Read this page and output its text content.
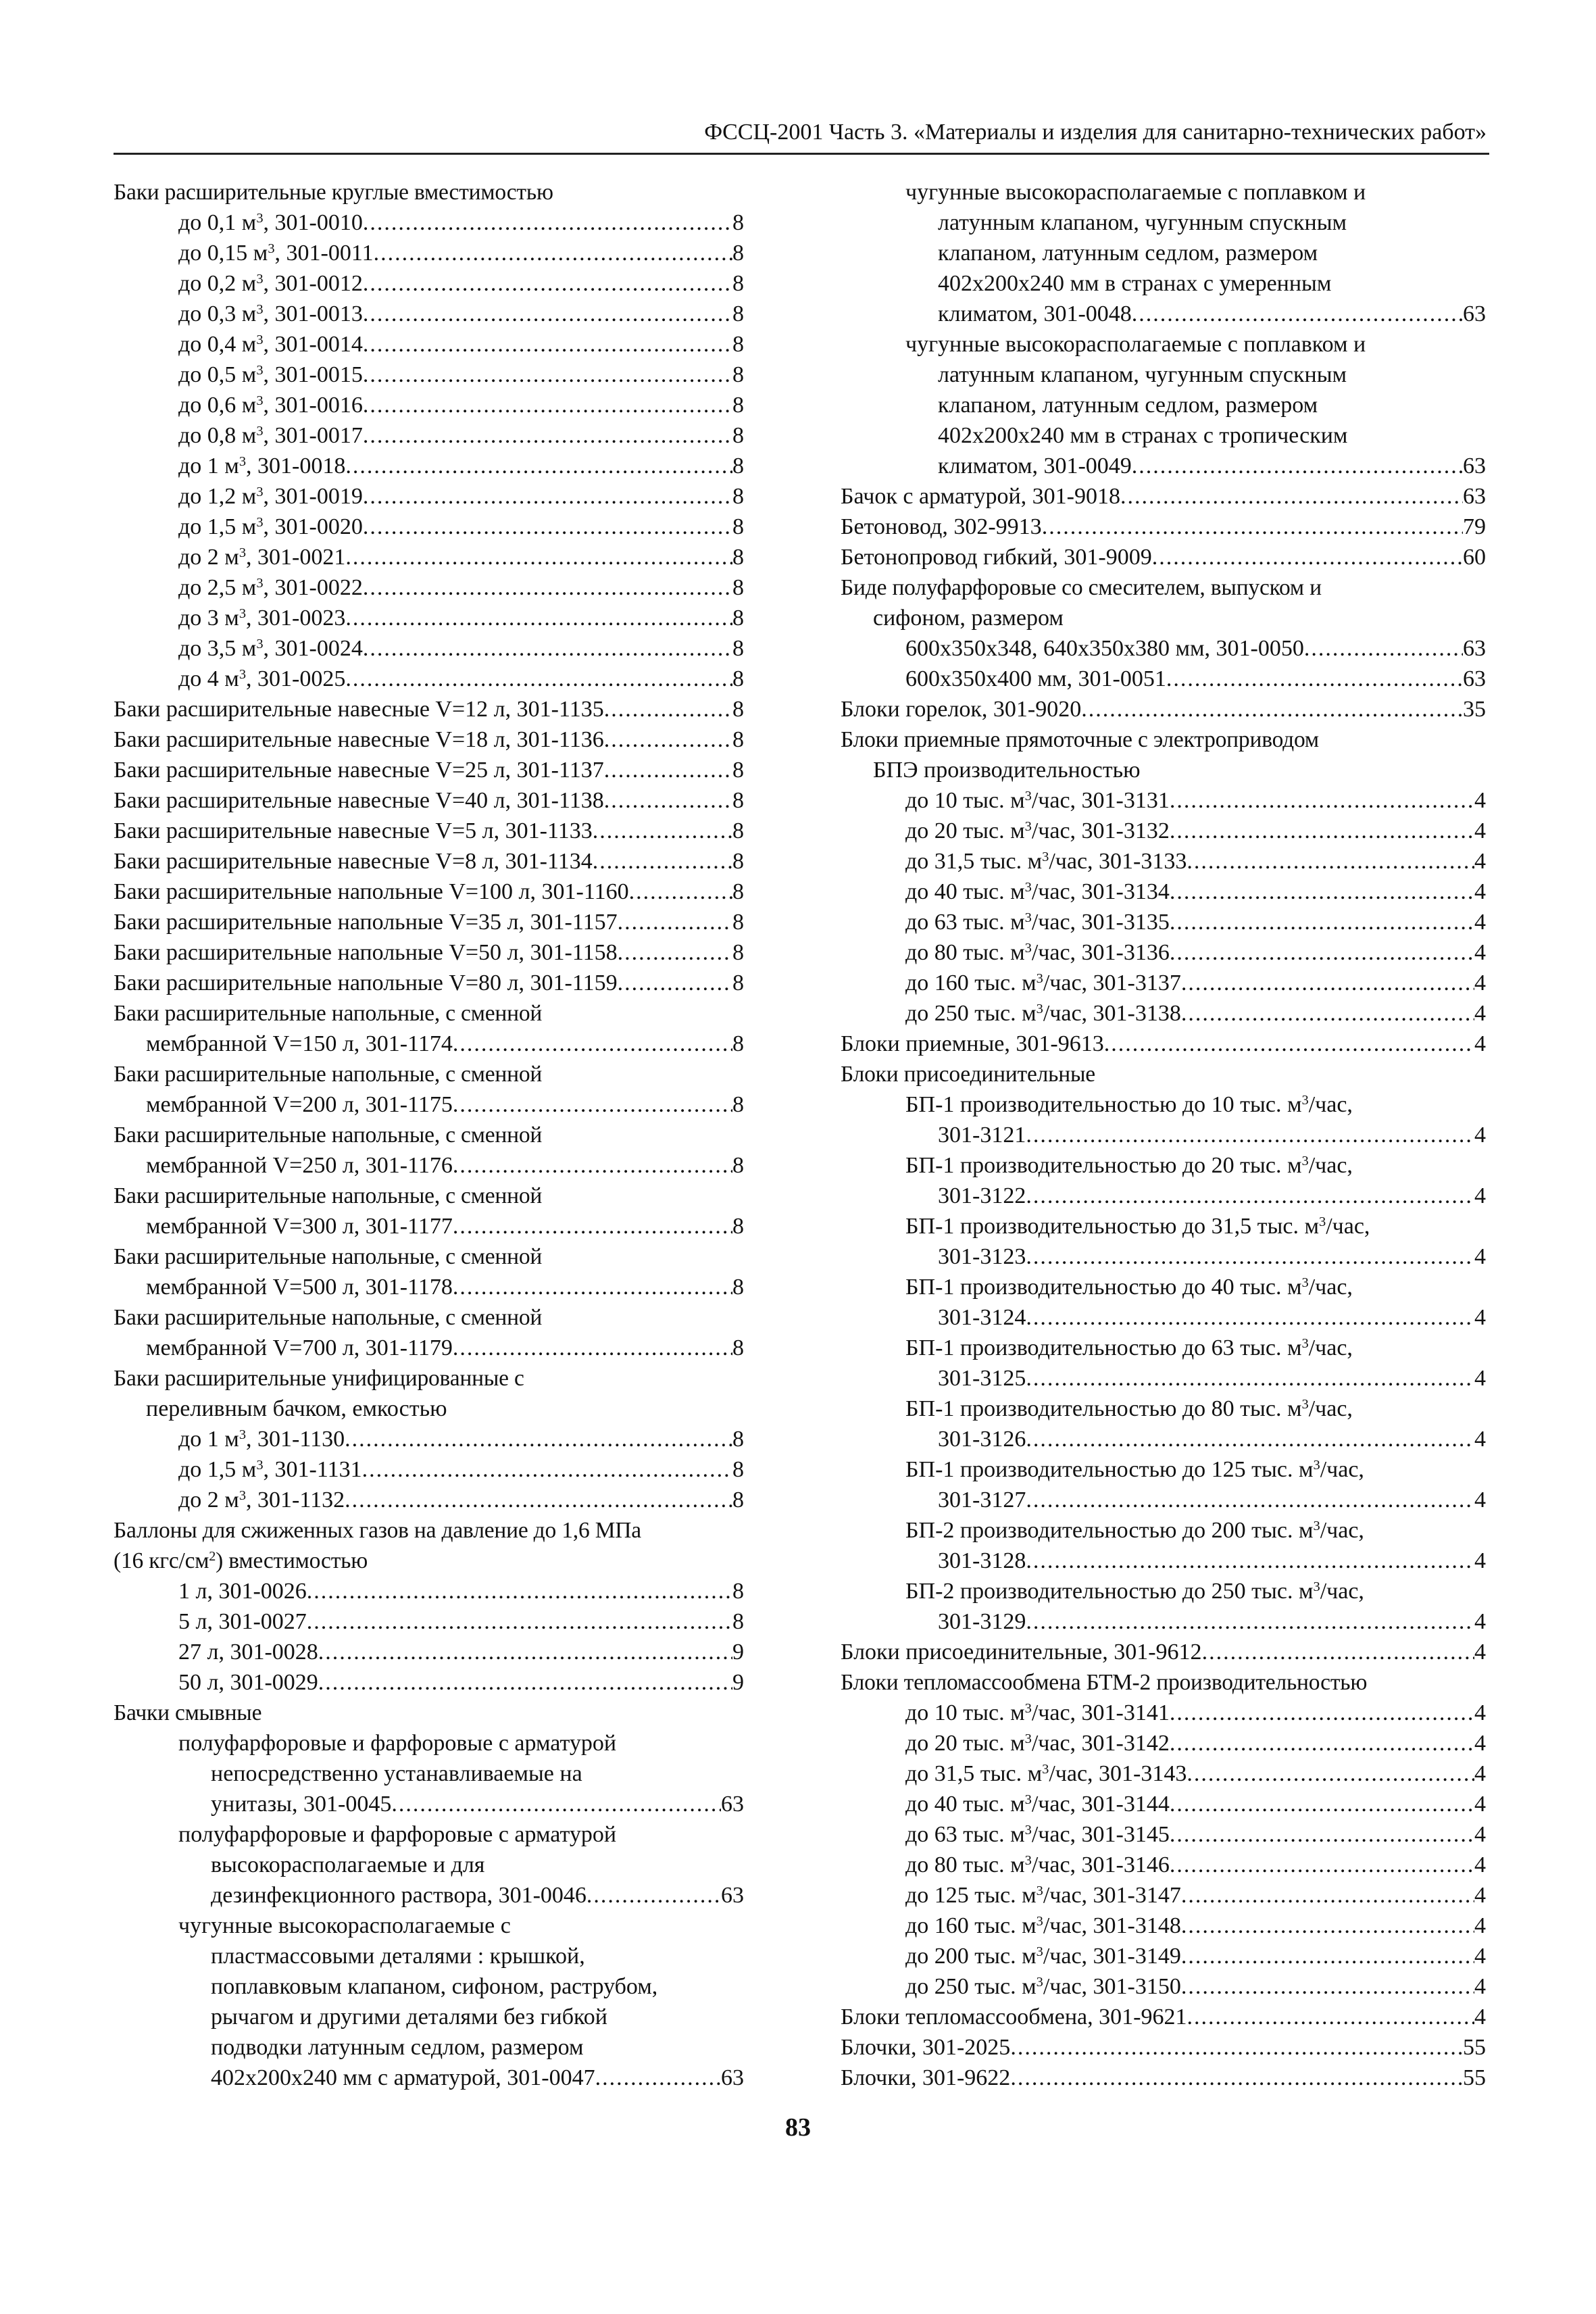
ФССЦ-2001 Часть 3. «Материалы и изделия для санитарно-технических работ»
Баки расширительные круглые вместимостью
до 0,1 $м^3$, 301-0010 .....	8
до 0,15 $м^3$, 301-0011 .....	8
до 0,2 $м^3$, 301-0012 .....	8
до 0,3 $м^3$, 301-0013 .....	8
до 0,4 $м^3$, 301-0014 .....	8
до 0,5 $м^3$, 301-0015 .....	8
до 0,6 $м^3$, 301-0016 .....	8
до 0,8 $м^3$, 301-0017 .....	8
до 1 $м^3$, 301-0018 .....	8
до 1,2 $м^3$, 301-0019 .....	8
до 1,5 $м^3$, 301-0020 .....	8
до 2 $м^3$, 301-0021 .....	8
до 2,5 $м^3$, 301-0022 .....	8
до 3 $м^3$, 301-0023 .....	8
до 3,5 $м^3$, 301-0024 .....	8
до 4 $м^3$, 301-0025 .....	8
Баки расширительные навесные V=12 л, 301-1135 .....	8
Баки расширительные навесные V=18 л, 301-1136 .....	8
Баки расширительные навесные V=25 л, 301-1137 .....	8
Баки расширительные навесные V=40 л, 301-1138 .....	8
Баки расширительные навесные V=5 л, 301-1133 .....	8
Баки расширительные навесные V=8 л, 301-1134 .....	8
Баки расширительные напольные V=100 л, 301-1160 .....	8
Баки расширительные напольные V=35 л, 301-1157 .....	8
Баки расширительные напольные V=50 л, 301-1158 .....	8
Баки расширительные напольные V=80 л, 301-1159 .....	8
Баки расширительные напольные, с сменной
мембранной V=150 л, 301-1174 .....	8
Баки расширительные напольные, с сменной
мембранной V=200 л, 301-1175 .....	8
Баки расширительные напольные, с сменной
мембранной V=250 л, 301-1176 .....	8
Баки расширительные напольные, с сменной
мембранной V=300 л, 301-1177 .....	8
Баки расширительные напольные, с сменной
мембранной V=500 л, 301-1178 .....	8
Баки расширительные напольные, с сменной
мембранной V=700 л, 301-1179 .....	8
Баки расширительные унифицированные с
переливным бачком, емкостью
до 1 $м^3$, 301-1130 .....	8
до 1,5 $м^3$, 301-1131 .....	8
до 2 $м^3$, 301-1132 .....	8
Баллоны для сжиженных газов на давление до 1,6 МПа
(16 кгс/$см^2$) вместимостью
1 л, 301-0026 .....	8
5 л, 301-0027 .....	8
27 л, 301-0028 .....	9
50 л, 301-0029 .....	9
Бачки смывные
полуфарфоровые и фарфоровые с арматурой
непосредственно устанавливаемые на
унитазы, 301-0045 .....	63
полуфарфоровые и фарфоровые с арматурой
высокорасполагаемые и для
дезинфекционного раствора, 301-0046 .....	63
чугунные высокорасполагаемые с
пластмассовыми деталями : крышкой,
поплавковым клапаном, сифоном, раструбом,
рычагом и другими деталями без гибкой
подводки латунным седлом, размером
402х200х240 мм с арматурой, 301-0047 .....	63
чугунные высокорасполагаемые с поплавком и
латунным клапаном, чугунным спускным
клапаном, латунным седлом, размером
402х200х240 мм в странах с умеренным
климатом, 301-0048 .....	63
чугунные высокорасполагаемые с поплавком и
латунным клапаном, чугунным спускным
клапаном, латунным седлом, размером
402х200х240 мм в странах с тропическим
климатом, 301-0049 .....	63
Бачок с арматурой, 301-9018 .....	63
Бетоновод, 302-9913 .....	79
Бетонопровод гибкий, 301-9009 .....	60
Биде полуфарфоровые со смесителем, выпуском и
сифоном, размером
600х350х348, 640х350х380 мм, 301-0050 .....	63
600х350х400 мм, 301-0051 .....	63
Блоки горелок, 301-9020 .....	35
Блоки приемные прямоточные с электроприводом
БПЭ производительностью
до 10 тыс. $м^3$/час, 301-3131 .....	4
до 20 тыс. $м^3$/час, 301-3132 .....	4
до 31,5 тыс. $м^3$/час, 301-3133 .....	4
до 40 тыс. $м^3$/час, 301-3134 .....	4
до 63 тыс. $м^3$/час, 301-3135 .....	4
до 80 тыс. $м^3$/час, 301-3136 .....	4
до 160 тыс. $м^3$/час, 301-3137 .....	4
до 250 тыс. $м^3$/час, 301-3138 .....	4
Блоки приемные, 301-9613 .....	4
Блоки присоединительные
БП-1 производительностью до 10 тыс. $м^3$/час,
301-3121 .....	4
БП-1 производительностью до 20 тыс. $м^3$/час,
301-3122 .....	4
БП-1 производительностью до 31,5 тыс. $м^3$/час,
301-3123 .....	4
БП-1 производительностью до 40 тыс. $м^3$/час,
301-3124 .....	4
БП-1 производительностью до 63 тыс. $м^3$/час,
301-3125 .....	4
БП-1 производительностью до 80 тыс. $м^3$/час,
301-3126 .....	4
БП-1 производительностью до 125 тыс. $м^3$/час,
301-3127 .....	4
БП-2 производительностью до 200 тыс. $м^3$/час,
301-3128 .....	4
БП-2 производительностью до 250 тыс. $м^3$/час,
301-3129 .....	4
Блоки присоединительные, 301-9612 .....	4
Блоки тепломассообмена БТМ-2 производительностью
до 10 тыс. $м^3$/час, 301-3141 .....	4
до 20 тыс. $м^3$/час, 301-3142 .....	4
до 31,5 тыс. $м^3$/час, 301-3143 .....	4
до 40 тыс. $м^3$/час, 301-3144 .....	4
до 63 тыс. $м^3$/час, 301-3145 .....	4
до 80 тыс. $м^3$/час, 301-3146 .....	4
до 125 тыс. $м^3$/час, 301-3147 .....	4
до 160 тыс. $м^3$/час, 301-3148 .....	4
до 200 тыс. $м^3$/час, 301-3149 .....	4
до 250 тыс. $м^3$/час, 301-3150 .....	4
Блоки тепломассообмена, 301-9621 .....	4
Блочки, 301-2025 .....	55
Блочки, 301-9622 .....	55
83
